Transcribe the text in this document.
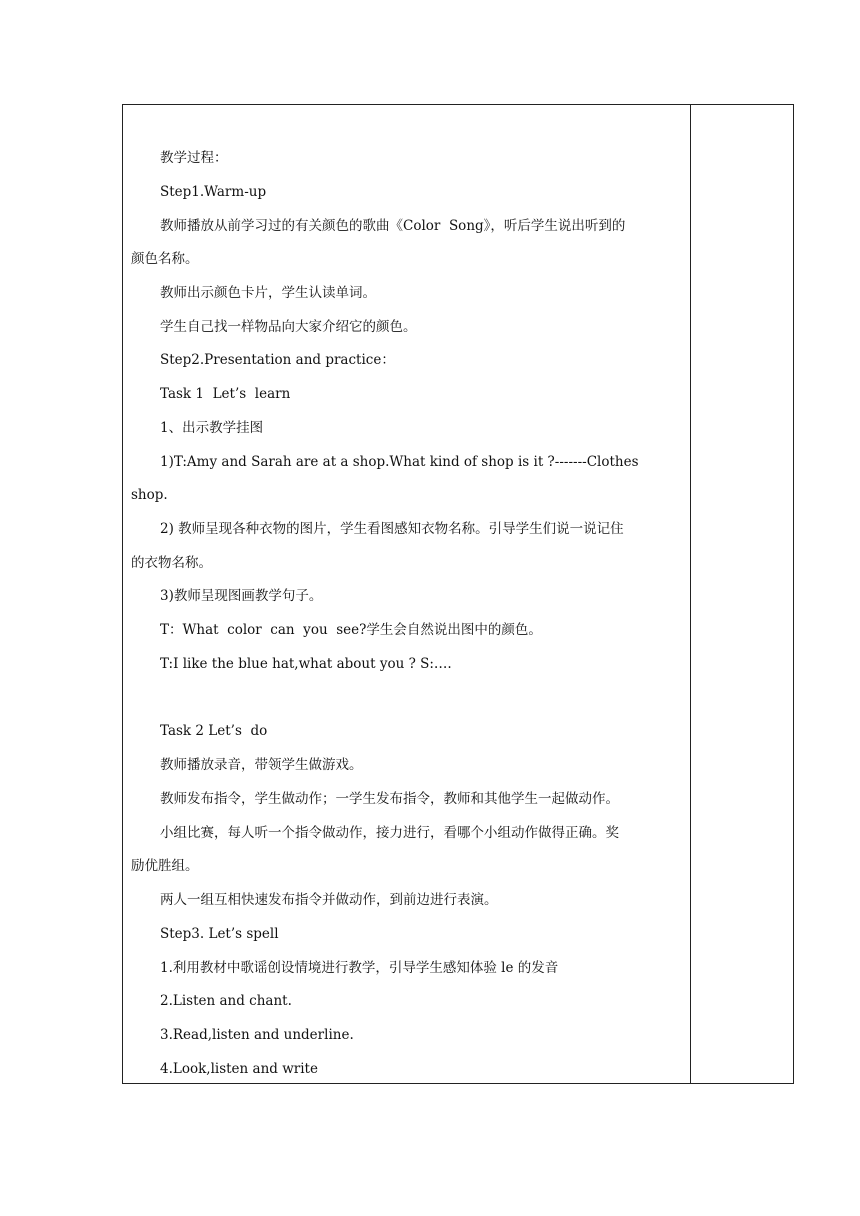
教学过程：
Step1.Warm-up
教师播放从前学习过的有关颜色的歌曲《Color  Song》，听后学生说出听到的
颜色名称。
教师出示颜色卡片，学生认读单词。
学生自己找一样物品向大家介绍它的颜色。
Step2.Presentation and practice：
Task 1  Let’s  learn
1、出示教学挂图
1)T:Amy and Sarah are at a shop.What kind of shop is it ?-------Clothes
shop.
2) 教师呈现各种衣物的图片，学生看图感知衣物名称。引导学生们说一说记住
的衣物名称。
3)教师呈现图画教学句子。
T：What  color  can  you  see?学生会自然说出图中的颜色。
T:I like the blue hat,what about you ? S:….
Task 2 Let’s  do
教师播放录音，带领学生做游戏。
教师发布指令，学生做动作；一学生发布指令，教师和其他学生一起做动作。
小组比赛，每人听一个指令做动作，接力进行，看哪个小组动作做得正确。奖
励优胜组。
两人一组互相快速发布指令并做动作，到前边进行表演。
Step3. Let’s spell
1.利用教材中歌谣创设情境进行教学，引导学生感知体验 le 的发音
2.Listen and chant.
3.Read,listen and underline.
4.Look,listen and write
